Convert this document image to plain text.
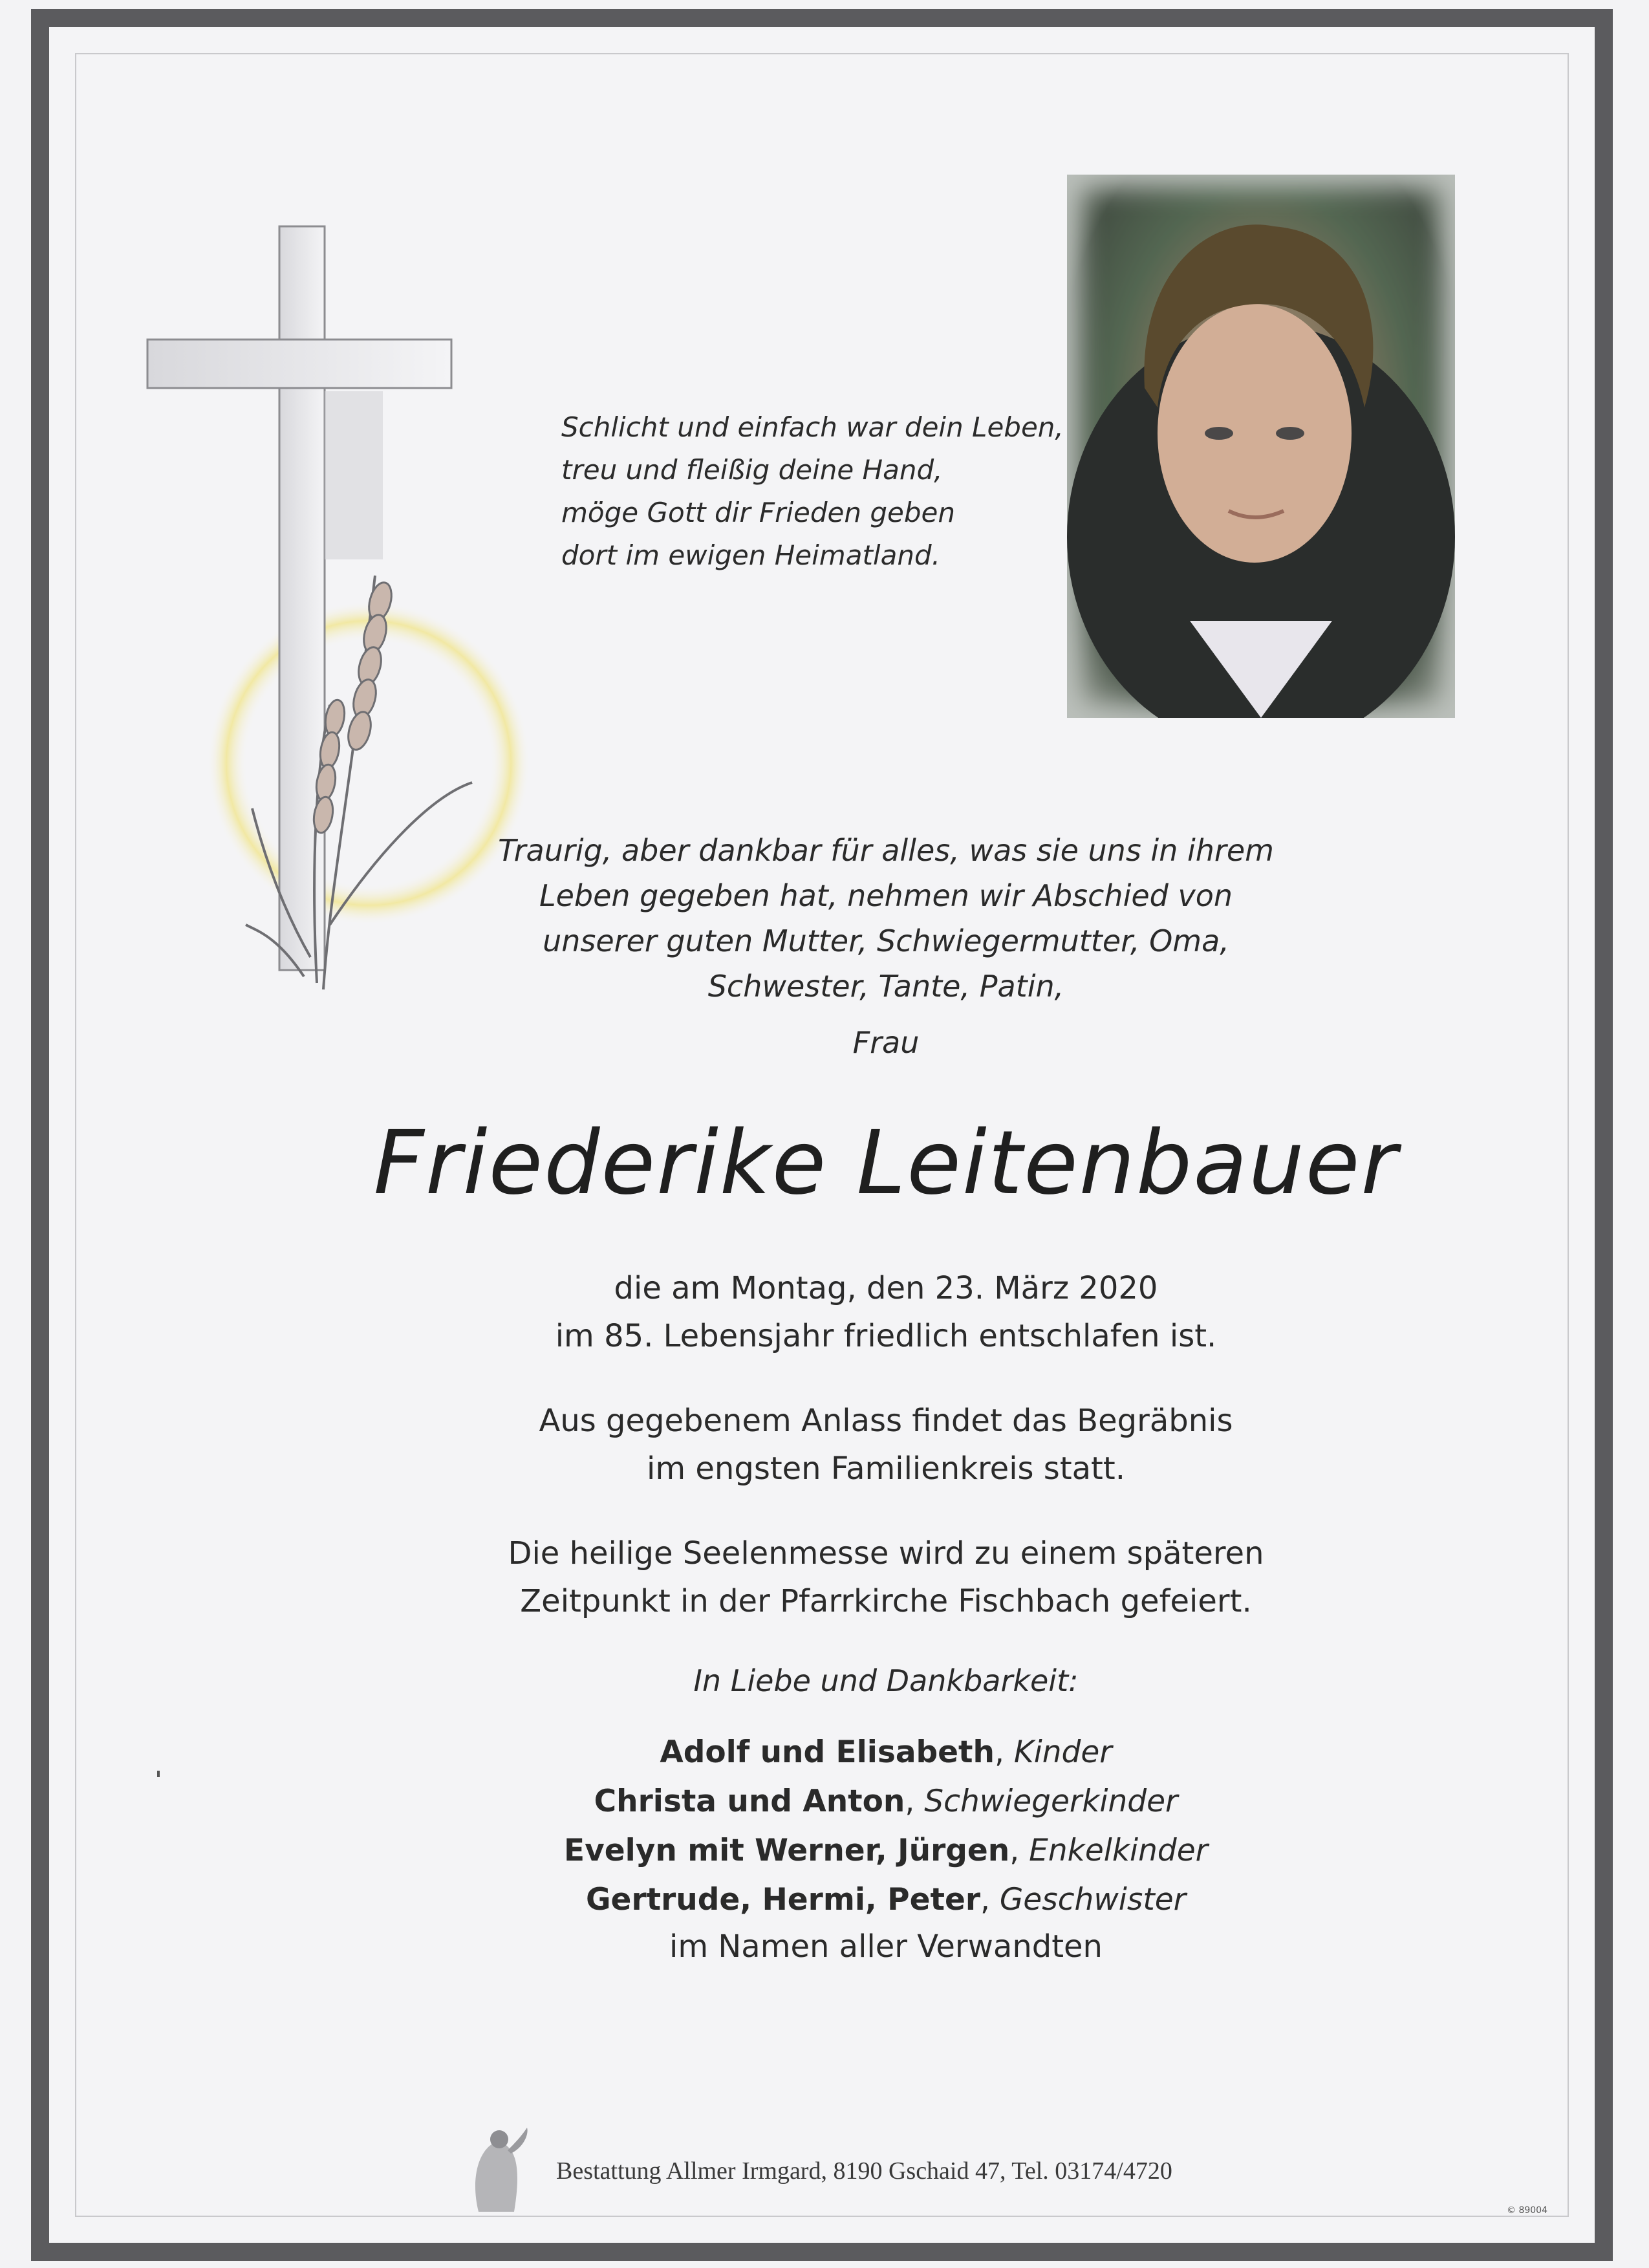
Schlicht und einfach war dein Leben,
treu und fleißig deine Hand,
möge Gott dir Frieden geben
dort im ewigen Heimatland.
Traurig, aber dankbar für alles, was sie uns in ihrem
Leben gegeben hat, nehmen wir Abschied von
unserer guten Mutter, Schwiegermutter, Oma,
Schwester, Tante, Patin,
Frau
Friederike Leitenbauer
die am Montag, den 23. März 2020
im 85. Lebensjahr friedlich entschlafen ist.
Aus gegebenem Anlass findet das Begräbnis
im engsten Familienkreis statt.
Die heilige Seelenmesse wird zu einem späteren
Zeitpunkt in der Pfarrkirche Fischbach gefeiert.
In Liebe und Dankbarkeit:
Adolf und Elisabeth, Kinder
Christa und Anton, Schwiegerkinder
Evelyn mit Werner, Jürgen, Enkelkinder
Gertrude, Hermi, Peter, Geschwister
im Namen aller Verwandten
Bestattung Allmer Irmgard, 8190 Gschaid 47, Tel. 03174/4720
© 89004
